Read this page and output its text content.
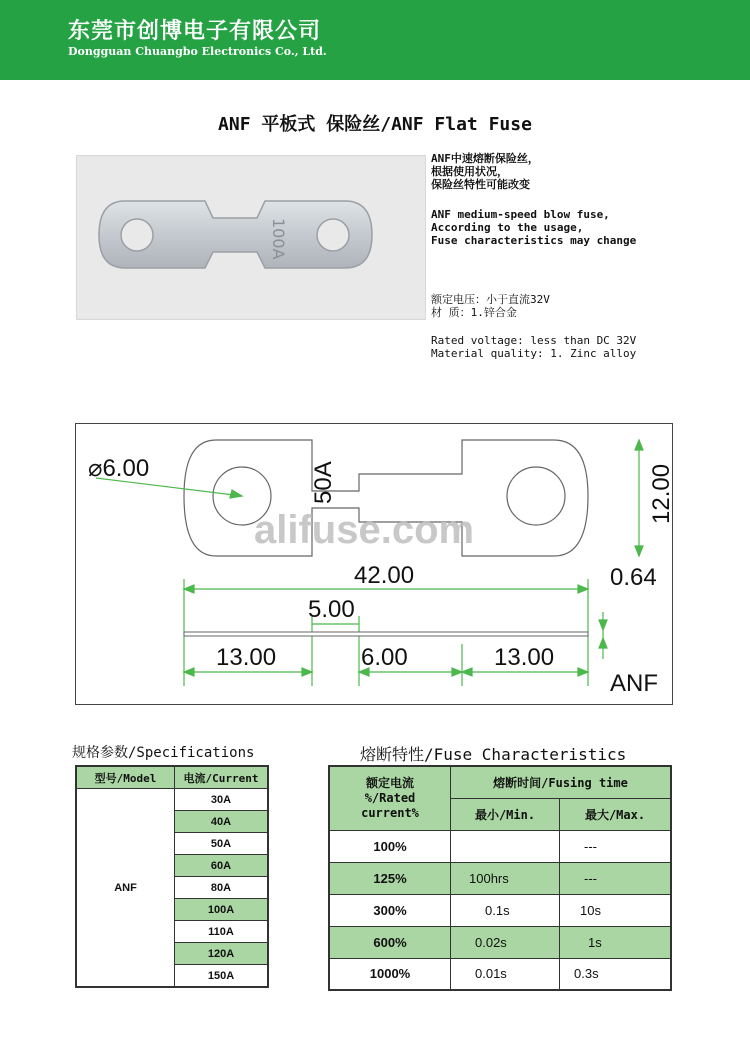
东莞市创博电子有限公司
Dongguan Chuangbo Electronics Co., Ltd.
ANF 平板式 保险丝/ANF Flat Fuse
100A
ANF中速熔断保险丝，
根据使用状况，
保险丝特性可能改变
ANF medium-speed blow fuse,
According to the usage,
Fuse characteristics may change
额定电压：小于直流32V
材 质：1.锌合金
Rated voltage: less than DC 32V
Material quality: 1. Zinc alloy
⌀6.00	50A	12.00
42.00
5.00
0.64
13.00	6.00	13.00
ANF
alifuse.com
规格参数/Specifications
型号/Model	电流/Current
ANF	30A
	40A
	50A
	60A
	80A
	100A
	110A
	120A
	150A
熔断特性/Fuse Characteristics
额定电流
%/Rated
current%	熔断时间/Fusing time	
	最小/Min.	最大/Max.
100%		---
125%	100hrs	---
300%	0.1s	10s
600%	0.02s	1s
1000%	0.01s	0.3s
